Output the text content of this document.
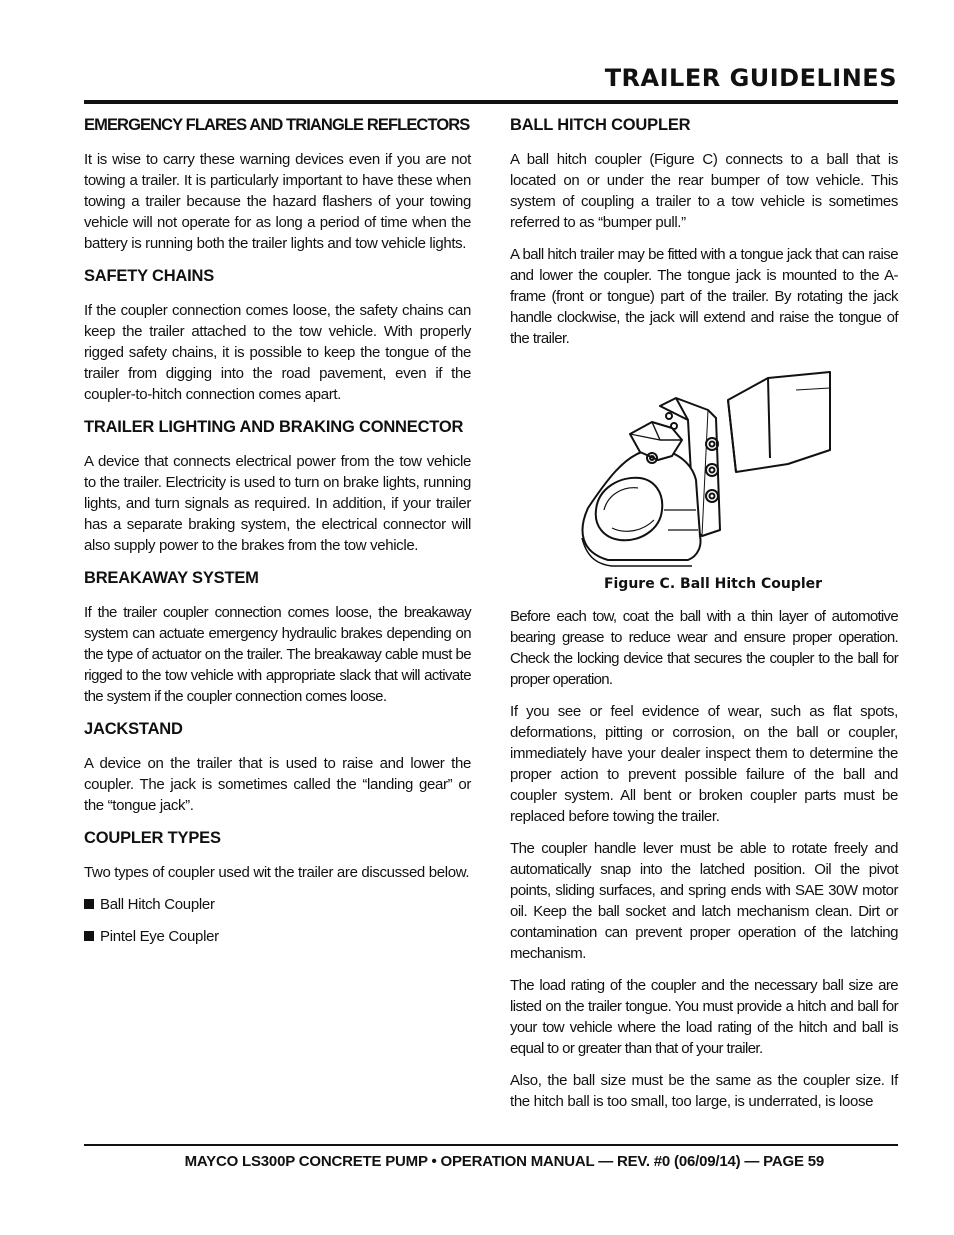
TRAILER GUIDELINES
EMERGENCY FLARES AND TRIANGLE REFLECTORS

It is wise to carry these warning devices even if you are not towing a trailer. It is particularly important to have these when towing a trailer because the hazard flashers of your towing vehicle will not operate for as long a period of time when the battery is running both the trailer lights and tow vehicle lights.

SAFETY CHAINS

If the coupler connection comes loose, the safety chains can keep the trailer attached to the tow vehicle. With properly rigged safety chains, it is possible to keep the tongue of the trailer from digging into the road pavement, even if the coupler-to-hitch connection comes apart.

TRAILER LIGHTING AND BRAKING CONNECTOR

A device that connects electrical power from the tow vehicle to the trailer. Electricity is used to turn on brake lights, running lights, and turn signals as required. In addition, if your trailer has a separate braking system, the electrical connector will also supply power to the brakes from the tow vehicle.

BREAKAWAY SYSTEM

If the trailer coupler connection comes loose, the breakaway system can actuate emergency hydraulic brakes depending on the type of actuator on the trailer. The breakaway cable must be rigged to the tow vehicle with appropriate slack that will activate the system if the coupler connection comes loose.

JACKSTAND

A device on the trailer that is used to raise and lower the coupler. The jack is sometimes called the “landing gear” or the “tongue jack”.

COUPLER TYPES

Two types of coupler used wit the trailer are discussed below.

Ball Hitch Coupler
Pintel Eye Coupler
BALL HITCH COUPLER

A ball hitch coupler (Figure C) connects to a ball that is located on or under the rear bumper of tow vehicle. This system of coupling a trailer to a tow vehicle is sometimes referred to as “bumper pull.”

A ball hitch trailer may be fitted with a tongue jack that can raise and lower the coupler. The tongue jack is mounted to the A-frame (front or tongue) part of the trailer. By rotating the jack handle clockwise, the jack will extend and raise the tongue of the trailer.

Figure C. Ball Hitch Coupler

Before each tow, coat the ball with a thin layer of automotive bearing grease to reduce wear and ensure proper operation. Check the locking device that secures the coupler to the ball for proper operation.

If you see or feel evidence of wear, such as flat spots, deformations, pitting or corrosion, on the ball or coupler, immediately have your dealer inspect them to determine the proper action to prevent possible failure of the ball and coupler system. All bent or broken coupler parts must be replaced before towing the trailer.

The coupler handle lever must be able to rotate freely and automatically snap into the latched position. Oil the pivot points, sliding surfaces, and spring ends with SAE 30W motor oil. Keep the ball socket and latch mechanism clean. Dirt or contamination can prevent proper operation of the latching mechanism.

The load rating of the coupler and the necessary ball size are listed on the trailer tongue. You must provide a hitch and ball for your tow vehicle where the load rating of the hitch and ball is equal to or greater than that of your trailer.

Also, the ball size must be the same as the coupler size. If the hitch ball is too small, too large, is underrated, is loose

MAYCO LS300P CONCRETE PUMP • OPERATION MANUAL — REV. #0 (06/09/14) — PAGE 59
